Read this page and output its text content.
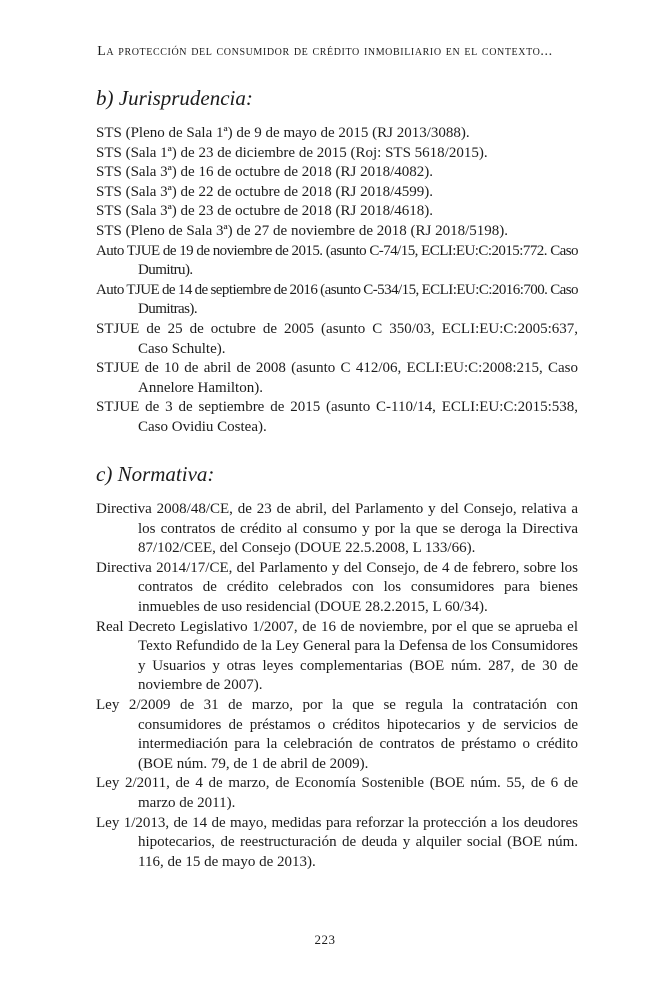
La protección del consumidor de crédito inmobiliario en el contexto...
b) Jurisprudencia:
STS (Pleno de Sala 1ª) de 9 de mayo de 2015 (RJ 2013/3088).
STS (Sala 1ª) de 23 de diciembre de 2015 (Roj: STS 5618/2015).
STS (Sala 3ª) de 16 de octubre de 2018 (RJ 2018/4082).
STS (Sala 3ª) de 22 de octubre de 2018 (RJ 2018/4599).
STS (Sala 3ª) de 23 de octubre de 2018 (RJ 2018/4618).
STS (Pleno de Sala 3ª) de 27 de noviembre de 2018 (RJ 2018/5198).
Auto TJUE de 19 de noviembre de 2015. (asunto C-74/15, ECLI:EU:C:2015:772. Caso Dumitru).
Auto TJUE de 14 de septiembre de 2016 (asunto C-534/15, ECLI:EU:C:2016:700. Caso Dumitras).
STJUE de 25 de octubre de 2005 (asunto C 350/03, ECLI:EU:C:2005:637, Caso Schulte).
STJUE de 10 de abril de 2008 (asunto C 412/06, ECLI:EU:C:2008:215, Caso Annelore Hamilton).
STJUE de 3 de septiembre de 2015 (asunto C-110/14, ECLI:EU:C:2015:538, Caso Ovidiu Costea).
c) Normativa:
Directiva 2008/48/CE, de 23 de abril, del Parlamento y del Consejo, relativa a los contratos de crédito al consumo y por la que se deroga la Directiva 87/102/CEE, del Consejo (DOUE 22.5.2008, L 133/66).
Directiva 2014/17/CE, del Parlamento y del Consejo, de 4 de febrero, sobre los contratos de crédito celebrados con los consumidores para bienes inmuebles de uso residencial (DOUE 28.2.2015, L 60/34).
Real Decreto Legislativo 1/2007, de 16 de noviembre, por el que se aprueba el Texto Refundido de la Ley General para la Defensa de los Consumidores y Usuarios y otras leyes complementarias (BOE núm. 287, de 30 de noviembre de 2007).
Ley 2/2009 de 31 de marzo, por la que se regula la contratación con consumidores de préstamos o créditos hipotecarios y de servicios de intermediación para la celebración de contratos de préstamo o crédito (BOE núm. 79, de 1 de abril de 2009).
Ley 2/2011, de 4 de marzo, de Economía Sostenible (BOE núm. 55, de 6 de marzo de 2011).
Ley 1/2013, de 14 de mayo, medidas para reforzar la protección a los deudores hipotecarios, de reestructuración de deuda y alquiler social (BOE núm. 116, de 15 de mayo de 2013).
223
